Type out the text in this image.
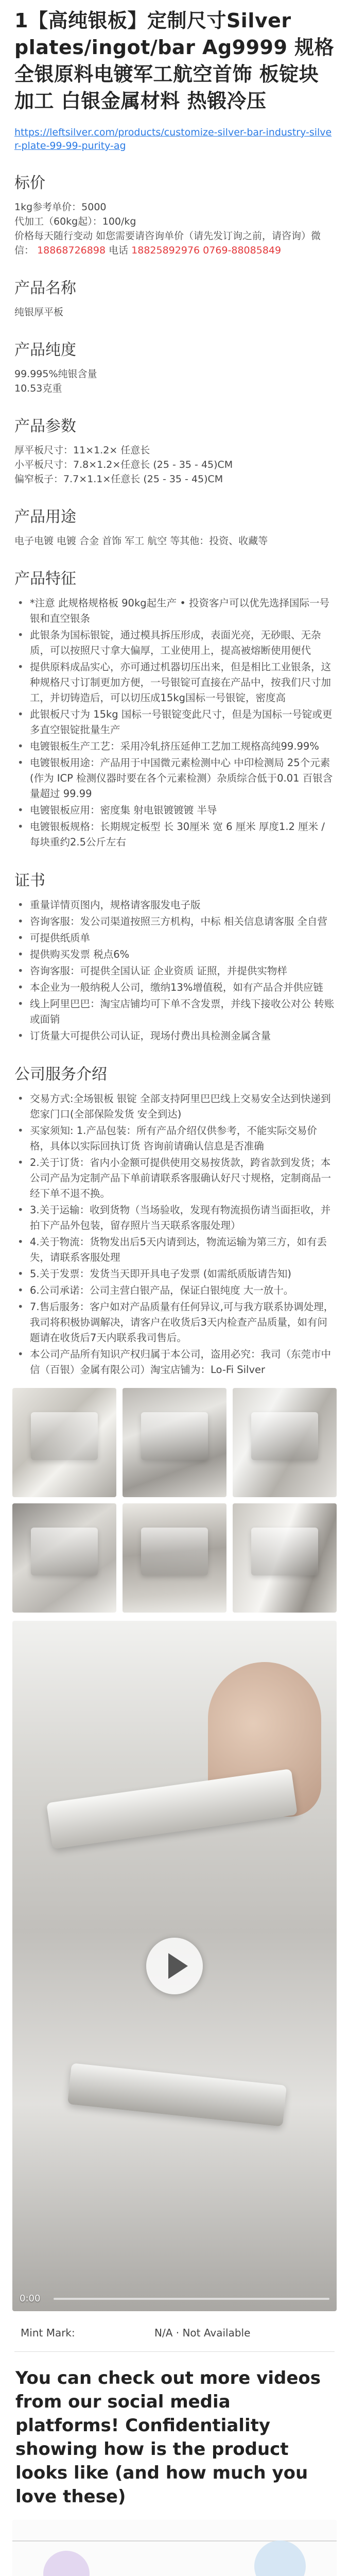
1【高纯银板】定制尺寸Silver plates/ingot/bar Ag9999 规格全银原料电镀军工航空首饰 板锭块加工 白银金属材料 热锻冷压
https://leftsilver.com/products/customize-silver-bar-industry-silver-plate-99-99-purity-ag
标价
1kg参考单价：5000
代加工（60kg起）：100/kg
价格每天随行变动 如您需要请咨询单价（请先发订询之前，请咨询）微信： 18868726898 电话 18825892976 0769-88085849
产品名称
纯银厚平板
产品纯度
99.995%纯银含量
10.53克重
产品参数
厚平板尺寸：11×1.2× 任意长
小平板尺寸：7.8×1.2×任意长 (25 - 35 - 45)CM
偏窄板子：7.7×1.1×任意长 (25 - 35 - 45)CM
产品用途
电子电镀 电镀 合金 首饰 军工 航空 等其他：投资、收藏等
产品特征
• *注意 此规格规格板 90kg起生产 • 投资客户可以优先选择国际一号银和直空银条
• 此银条为国标银锭，通过模具拆压形成，表面光亮，无砂眼、无杂质，可以按照尺寸拿大偏厚，工业使用上，提高被熔断使用便代
• 提供原料成品实心，亦可通过机器切压出来，但是相比工业银条，这种规格尺寸订制更加方便，一号银锭可直接在产品中，按我们尺寸加工，并切铸造后，可以切压成15kg国标一号银锭，密度高
• 此银板尺寸为 15kg 国标一号银锭变此尺寸，但是为国标一号锭或更多直空银锭批量生产
• 电镀银板生产工艺：采用冷轧挤压延伸工艺加工规格高纯99.99%
• 电镀银板用途：产品用于中国微元素检测中心 中印检测局 25个元素 (作为 ICP 检测仪器时要在各个元素检测）杂质综合低于0.01 百银含量超过 99.99
• 电镀银板应用：密度集 射电银镀镀镀 半导
• 电镀银板规格：长期规定板型 长 30厘米 宽 6 厘米 厚度1.2 厘米 / 每块重约2.5公斤左右
证书
• 重量详情页图内，规格请客服发电子版
• 咨询客服：发公司渠道按照三方机构，中标 相关信息请客服 全自营
• 可提供纸质单
• 提供购买发票 税点6%
• 咨询客服：可提供全国认证 企业资质 证照，并提供实物样
• 本企业为一般纳税人公司，缴纳13%增值税，如有产品合并供应链
• 线上阿里巴巴：淘宝店铺均可下单不含发票，并线下接收公对公 转账或面销
• 订货量大可提供公司认证，现场付费出具检测金属含量
公司服务介绍
• 交易方式:全场银板 银锭 全部支持阿里巴巴线上交易安全达到快递到您家门口(全部保险发货 安全到达)
• 买家须知: 1.产品包装：所有产品介绍仅供参考，不能实际交易价格，具体以实际回执订货 咨询前请确认信息是否准确
• 2.关于订货：省内小金额可提供使用交易按货款，跨省款到发货；本公司产品为定制产品下单前请联系客服确认好尺寸规格，定制商品一经下单不退不换。
• 3.关于运输：收到货物（当场验收，发现有物流损伤请当面拒收，并拍下产品外包装，留存照片当天联系客服处理）
• 4.关于物流：货物发出后5天内请到达，物流运输为第三方，如有丢失，请联系客服处理
• 5.关于发票：发货当天即开具电子发票 (如需纸质版请告知)
• 6.公司承诺：公司主营白银产品，保证白银纯度 大一放十。
• 7.售后服务：客户如对产品质量有任何异议,可与我方联系协调处理，我司将积极协调解决，请客户在收货后3天内检查产品质量，如有问题请在收货后7天内联系我司售后。
• 本公司产品所有知识产权归属于本公司，盗用必究：我司（东莞市中信（百银）金属有限公司）淘宝店铺为：Lo-Fi Silver
0:00
Mint Mark:	N/A · Not Available
You can check out more videos from our social media platforms! Confidentiality showing how is the product looks like (and how much you love these)
